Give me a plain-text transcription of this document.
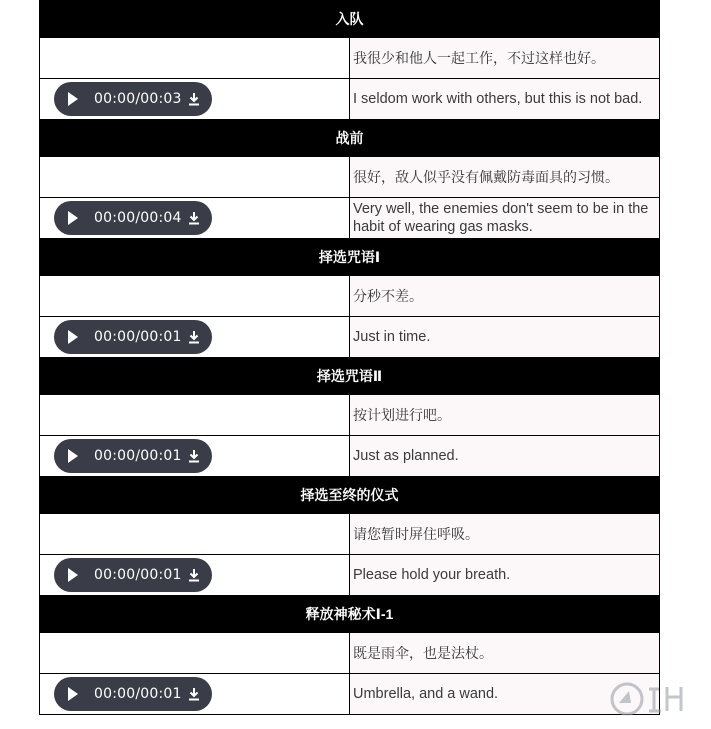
入队	
	我很少和他人一起工作，不过这样也好。

00:00/00:03	I seldom work with others, but this is not bad.
战前	
	很好，敌人似乎没有佩戴防毒面具的习惯。

00:00/00:04	Very well, the enemies don't seem to be in the habit of wearing gas masks.
择选咒语Ⅰ	
	分秒不差。

00:00/00:01	Just in time.
择选咒语Ⅱ	
	按计划进行吧。

00:00/00:01	Just as planned.
择选至终的仪式	
	请您暂时屏住呼吸。

00:00/00:01	Please hold your breath.
释放神秘术Ⅰ-1	
	既是雨伞，也是法杖。

00:00/00:01	Umbrella, and a wand.
